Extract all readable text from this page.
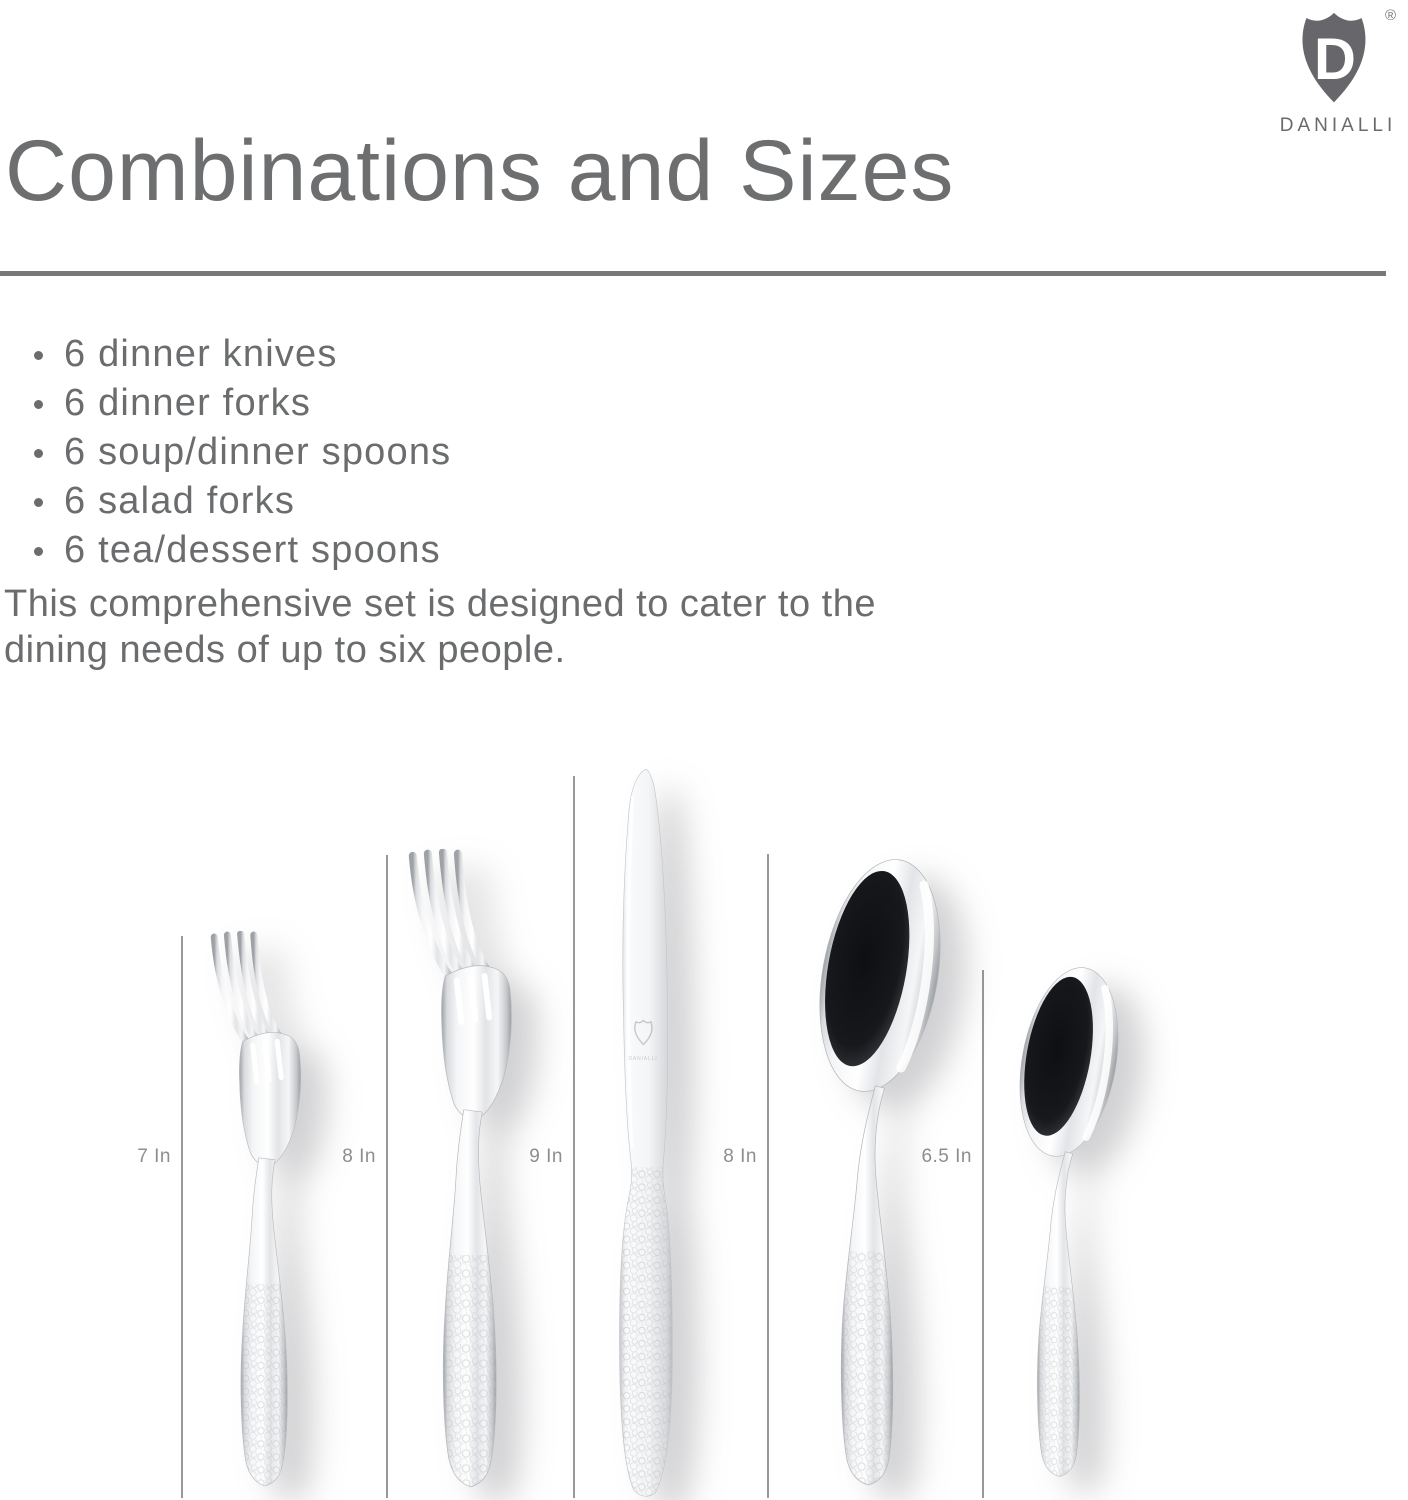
D
®
DANIALLI
Combinations and Sizes
6 dinner knives
6 dinner forks
6 soup/dinner spoons
6 salad forks
6 tea/dessert spoons
This comprehensive set is designed to cater to the
dining needs of up to six people.
7 In	8 In	9 In	8 In	6.5 In
DANIALLI
